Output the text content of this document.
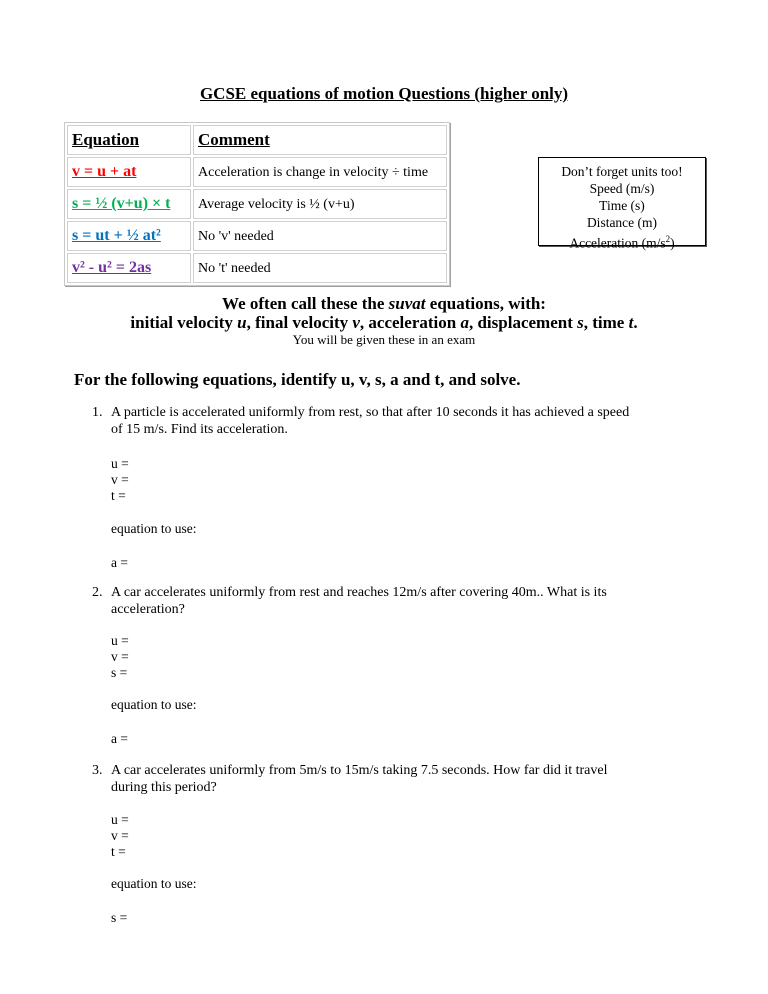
GCSE equations of motion Questions (higher only)
Equation	Comment
v = u + at	Acceleration is change in velocity ÷ time
s = ½ (v+u) × t	Average velocity is ½ (v+u)
s = ut + ½ at²	No 'v' needed
v² - u² = 2as	No 't' needed
Don’t forget units too!
Speed (m/s)
Time (s)
Distance (m)
Acceleration $(m/s^2)$
We often call these the suvat equations, with:
initial velocity u, final velocity v, acceleration a, displacement s, time t.
You will be given these in an exam
For the following equations, identify u, v, s, a and t, and solve.
1. A particle is accelerated uniformly from rest, so that after 10 seconds it has achieved a speed
of 15 m/s. Find its acceleration.
u =
v =
t =
equation to use:
a =
2. A car accelerates uniformly from rest and reaches 12m/s after covering 40m.. What is its
acceleration?
u =
v =
s =
equation to use:
a =
3. A car accelerates uniformly from 5m/s to 15m/s taking 7.5 seconds. How far did it travel
during this period?
u =
v =
t =
equation to use:
s =
